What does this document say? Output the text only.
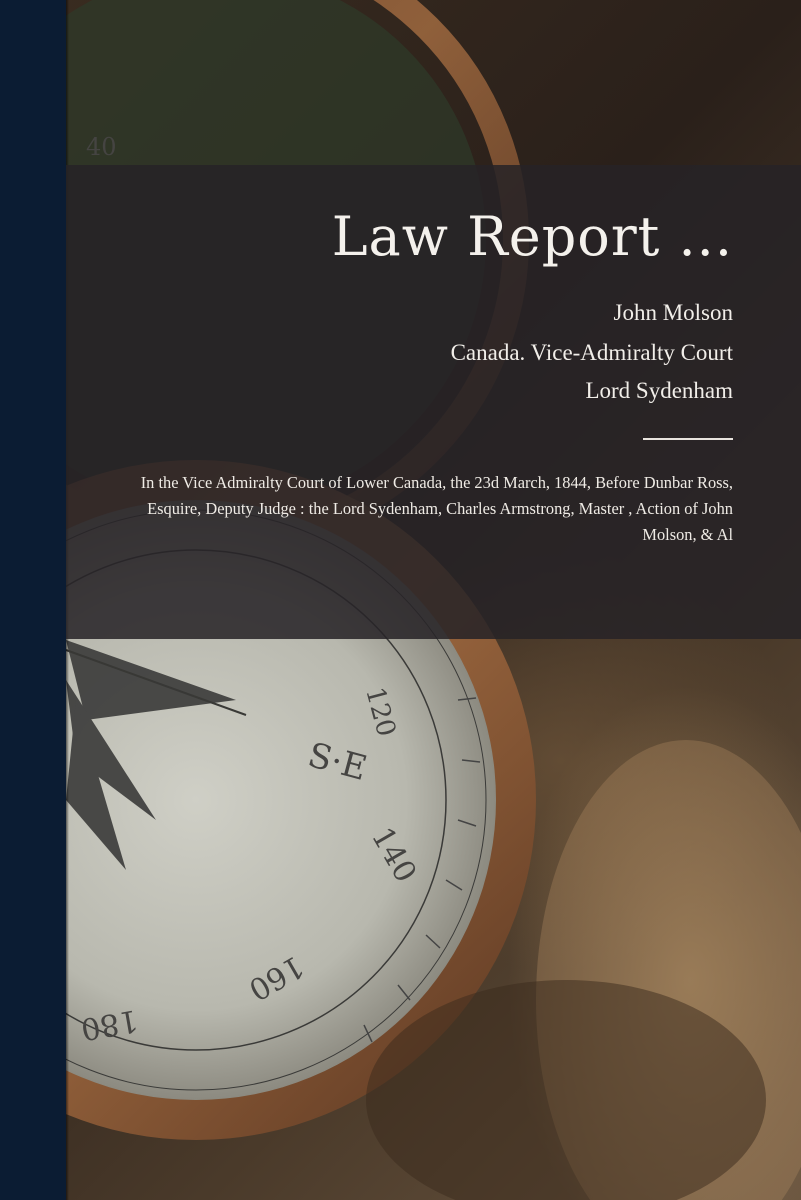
40
120
S·E
140
160
180
Law Report ...
John Molson
Canada. Vice-Admiralty Court
Lord Sydenham

In the Vice Admiralty Court of Lower Canada, the 23d March, 1844, Before Dunbar Ross, Esquire, Deputy Judge : the Lord Sydenham, Charles Armstrong, Master , Action of John Molson, & Al
